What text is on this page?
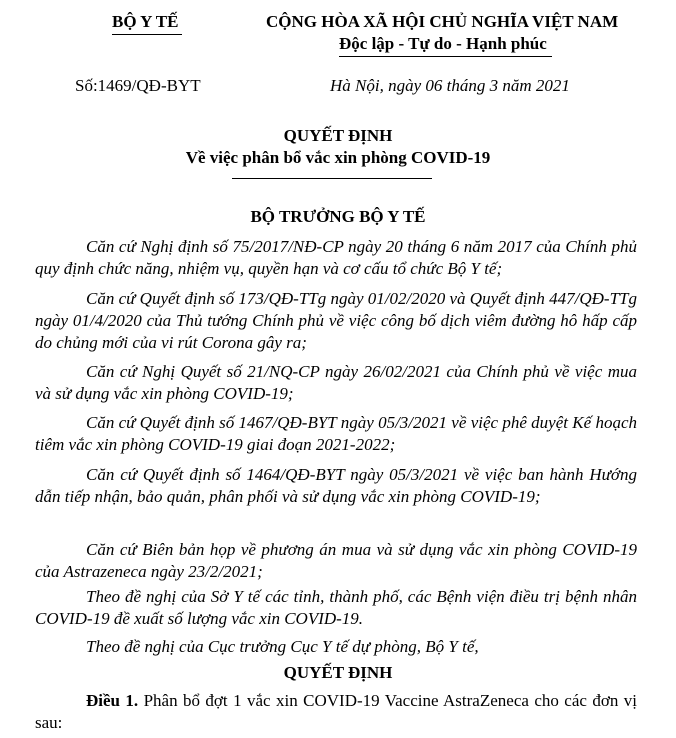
BỘ Y TẾ	CỘNG HÒA XÃ HỘI CHỦ NGHĨA VIỆT NAM
Độc lập - Tự do - Hạnh phúc
Số:1469/QĐ-BYT	Hà Nội, ngày 06 tháng 3 năm 2021
QUYẾT ĐỊNH
Về việc phân bổ vắc xin phòng COVID-19
BỘ TRƯỞNG BỘ Y TẾ

Căn cứ Nghị định số 75/2017/NĐ-CP ngày 20 tháng 6 năm 2017 của Chính phủ quy định chức năng, nhiệm vụ, quyền hạn và cơ cấu tổ chức Bộ Y tế;

Căn cứ Quyết định số 173/QĐ-TTg ngày 01/02/2020 và Quyết định 447/QĐ-TTg ngày 01/4/2020 của Thủ tướng Chính phủ về việc công bố dịch viêm đường hô hấp cấp do chủng mới của vi rút Corona gây ra;

Căn cứ Nghị Quyết số 21/NQ-CP ngày 26/02/2021 của Chính phủ về việc mua và sử dụng vắc xin phòng COVID-19;

Căn cứ Quyết định số 1467/QĐ-BYT ngày 05/3/2021 về việc phê duyệt Kế hoạch tiêm vắc xin phòng COVID-19 giai đoạn 2021-2022;

Căn cứ Quyết định số 1464/QĐ-BYT ngày 05/3/2021 về việc ban hành Hướng dẫn tiếp nhận, bảo quản, phân phối và sử dụng vắc xin phòng COVID-19;

Căn cứ Biên bản họp về phương án mua và sử dụng vắc xin phòng COVID-19 của Astrazeneca ngày 23/2/2021;

Theo đề nghị của Sở Y tế các tỉnh, thành phố, các Bệnh viện điều trị bệnh nhân COVID-19 đề xuất số lượng vắc xin COVID-19.

Theo đề nghị của Cục trưởng Cục Y tế dự phòng, Bộ Y tế,

QUYẾT ĐỊNH

Điều 1. Phân bổ đợt 1 vắc xin COVID-19 Vaccine AstraZeneca cho các đơn vị sau:
